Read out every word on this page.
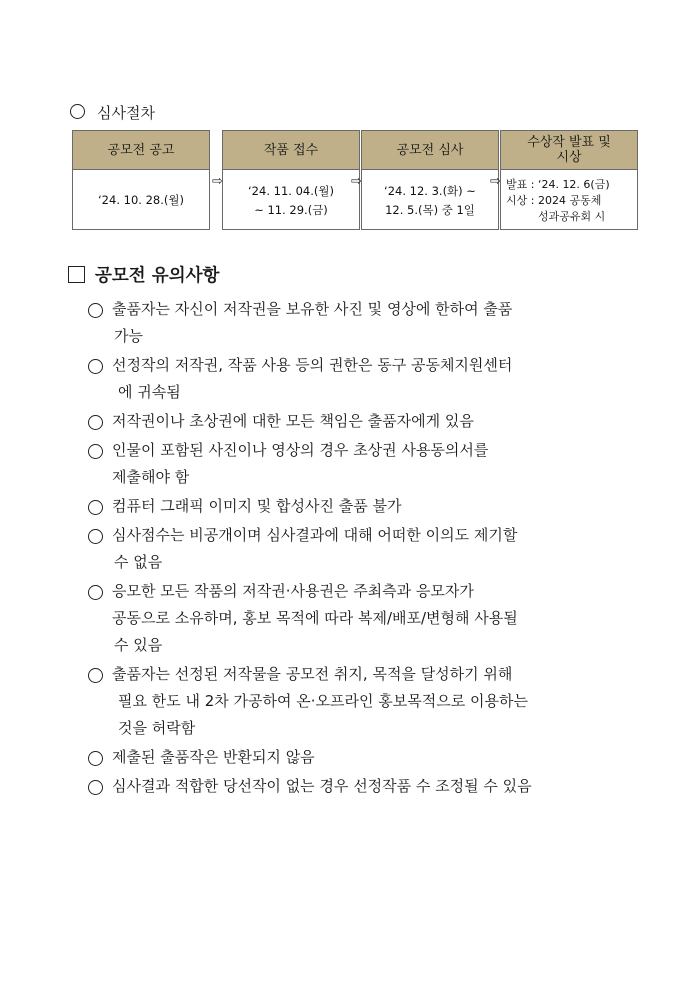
심사절차
공모전 공고
‘24. 10. 28.(월)
⇨
작품 접수
‘24. 11. 04.(월)
~ 11. 29.(금)
⇨
공모전 심사
‘24. 12. 3.(화) ~
12. 5.(목) 중 1일
⇨
수상작 발표 및
시상
발표 : ‘24. 12. 6(금)
시상 : 2024 공동체
성과공유회 시
공모전 유의사항
출품자는 자신이 저작권을 보유한 사진 및 영상에 한하여 출품
가능
선정작의 저작권, 작품 사용 등의 권한은 동구 공동체지원센터
에 귀속됨
저작권이나 초상권에 대한 모든 책임은 출품자에게 있음
인물이 포함된 사진이나 영상의 경우 초상권 사용동의서를
제출해야 함
컴퓨터 그래픽 이미지 및 합성사진 출품 불가
심사점수는 비공개이며 심사결과에 대해 어떠한 이의도 제기할
수 없음
응모한 모든 작품의 저작권·사용권은 주최측과 응모자가
공동으로 소유하며, 홍보 목적에 따라 복제/배포/변형해 사용될
수 있음
출품자는 선정된 저작물을 공모전 취지, 목적을 달성하기 위해
필요 한도 내 2차 가공하여 온·오프라인 홍보목적으로 이용하는
것을 허락함
제출된 출품작은 반환되지 않음
심사결과 적합한 당선작이 없는 경우 선정작품 수 조정될 수 있음
